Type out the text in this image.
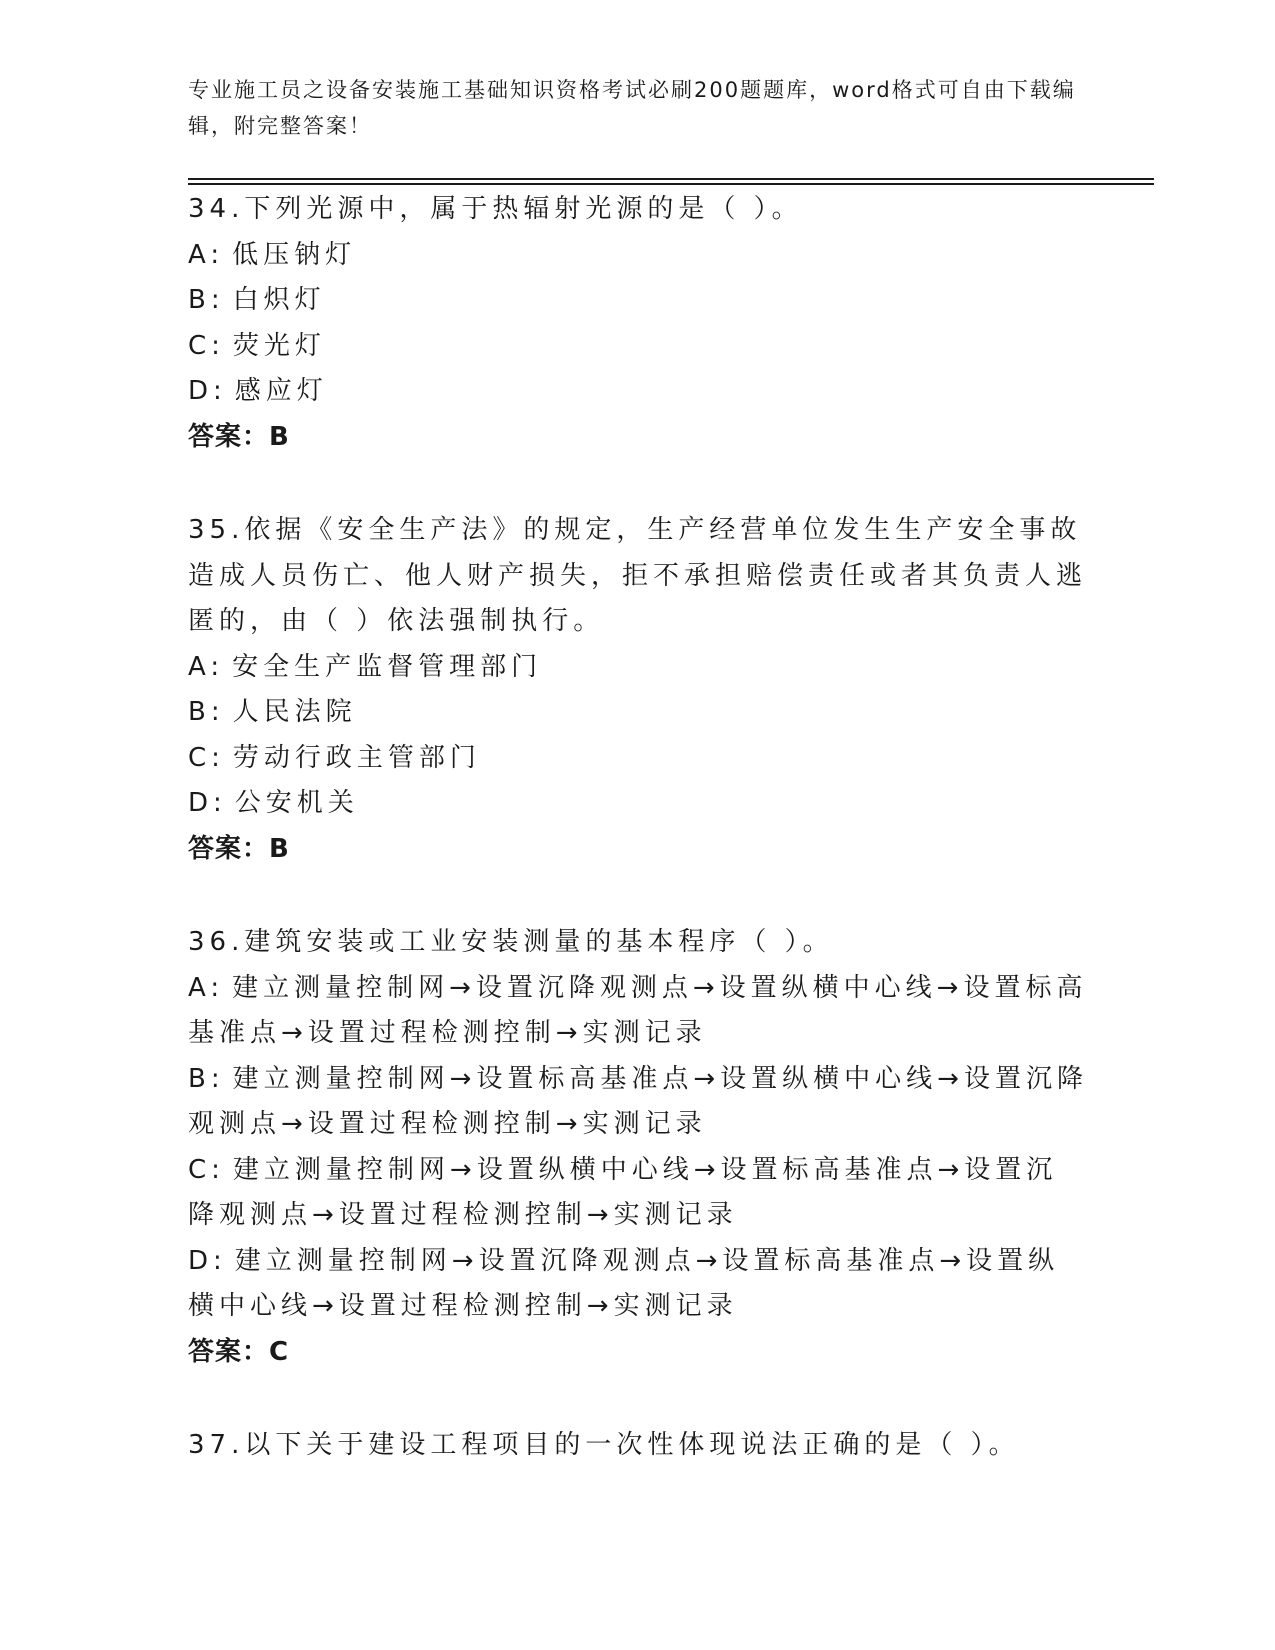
专业施工员之设备安装施工基础知识资格考试必刷200题题库，word格式可自由下载编辑，附完整答案！
34.下列光源中，属于热辐射光源的是（ ）。
A: 低压钠灯
B: 白炽灯
C: 荧光灯
D: 感应灯
答案：B
35.依据《安全生产法》的规定，生产经营单位发生生产安全事故造成人员伤亡、他人财产损失，拒不承担赔偿责任或者其负责人逃匿的，由（ ）依法强制执行。
A: 安全生产监督管理部门
B: 人民法院
C: 劳动行政主管部门
D: 公安机关
答案：B
36.建筑安装或工业安装测量的基本程序（ ）。
A: 建立测量控制网→设置沉降观测点→设置纵横中心线→设置标高基准点→设置过程检测控制→实测记录
B: 建立测量控制网→设置标高基准点→设置纵横中心线→设置沉降观测点→设置过程检测控制→实测记录
C: 建立测量控制网→设置纵横中心线→设置标高基准点→设置沉降观测点→设置过程检测控制→实测记录
D: 建立测量控制网→设置沉降观测点→设置标高基准点→设置纵横中心线→设置过程检测控制→实测记录
答案：C
37.以下关于建设工程项目的一次性体现说法正确的是（ ）。
